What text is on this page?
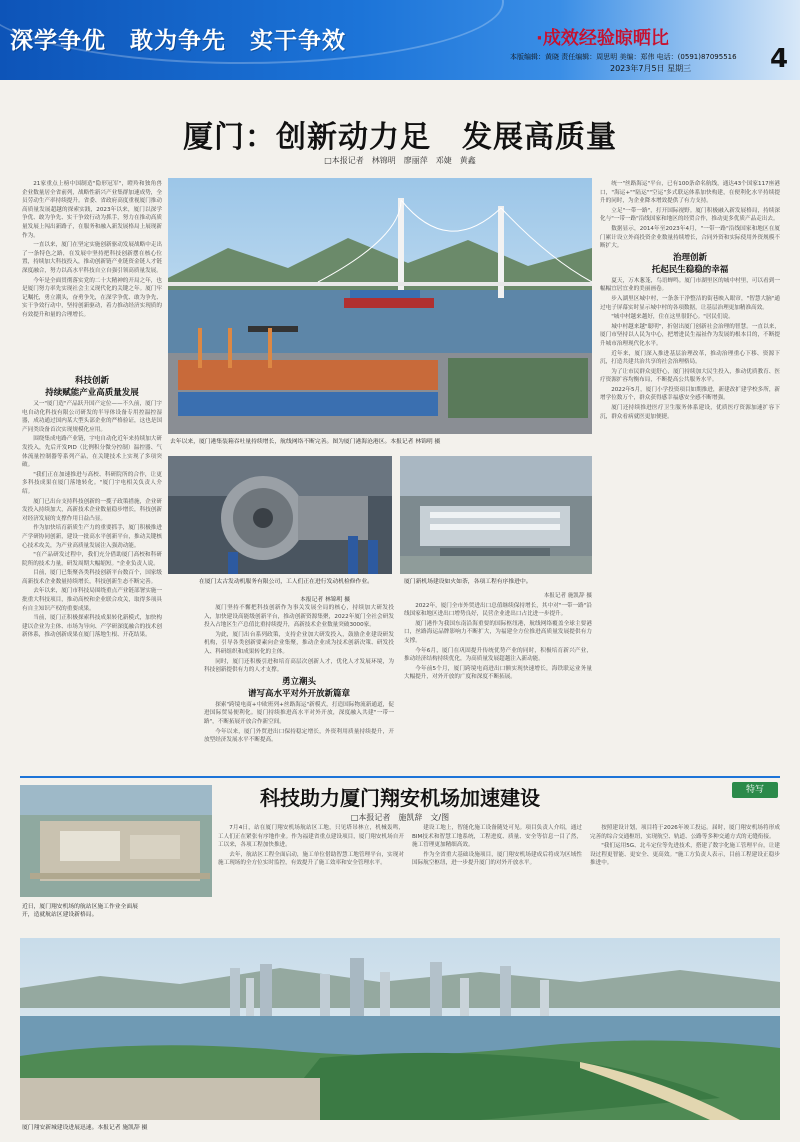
深学争优　敢为争先　实干争效	·成效经验晾晒比
本版编辑：黄晓 责任编辑：周思明 美编：郑伟 电话：(0591)87095516
2023年7月5日 星期三	4
厦门：创新动力足　发展高质量
□本报记者　林锦明　廖丽萍　邓婕　黄鑫

21家重点上榜中国制造"隐形冠军"，瞪羚和独角兽企业数量居全省前列，战略性新兴产业集群加速成势，全员劳动生产率持续提升。省委、省政府高度重视厦门推动高质量发展超越的探索实践，2023年以来，厦门以深学争优、敢为争先、实干争效行动为抓手，努力在推动高质量发展上闯出新路子，在服务和融入新发展格局上展现新作为。

一直以来，厦门在坚定实施创新驱动发展战略中走出了一条特色之路，在发展中坚持把科技创新摆在核心位置，持续加大科技投入，推动创新链产业链资金链人才链深度融合，努力以高水平科技自立自强引领高质量发展。

今年是全面贯彻落实党的二十大精神的开局之年，也是厦门努力率先实现社会主义现代化的关键之年。厦门牢记嘱托，勇立潮头，奋勇争先，在深学争优、敢为争先、实干争效行动中，坚持创新驱动，着力推动经济实现质的有效提升和量的合理增长。

科技创新
持续赋能产业高质量发展

又一"厦门造"产品跃升国产定位——不久前，厦门宇电自动化科技有限公司研发的半导体设备专用控温控湿器，成功通过国内某大型头部企业的严格验证，这也是国产同类设备首次实现规模化应用。

围绕集成电路产业链，宇电自动化近年来持续加大研发投入，先后开发PID（比例积分微分控制）温控器、气体流量控制器等系列产品，在关键技术上实现了多项突破。

"我们正在加速推进与高校、科研院所的合作，让更多科技成果在厦门落地转化。"厦门宇电相关负责人介绍。

厦门已出台支持科技创新的一揽子政策措施，企业研发投入持续加大，高新技术企业数量稳步增长，科技创新对经济发展的支撑作用日益凸显。

作为加快培育新质生产力的重要抓手，厦门积极推进产学研协同创新，建设一批高水平创新平台，推动关键核心技术攻关，为产业高质量发展注入强劲动能。

"在产品研发过程中，我们充分借助厦门高校和科研院所的技术力量，研发周期大幅缩短。"企业负责人说。

目前，厦门已集聚各类科技创新平台数百个，国家级高新技术企业数量持续增长，科技创新生态不断完善。

去年以来，厦门市科技局围绕重点产业链部署实施一批重大科技项目，推动高校和企业联合攻关，取得多项具有自主知识产权的重要成果。

当前，厦门正积极探索科技成果转化新模式，加快构建以企业为主体、市场为导向、产学研深度融合的技术创新体系，推动创新成果在厦门落地生根、开花结果。

去年以来，厦门港集装箱吞吐量持续增长，航线网络不断完善。图为厦门港海沧港区。本报记者 林锦明 摄
在厦门太古发动机服务有限公司，工人们正在进行发动机检修作业。
本报记者 林锦明 摄
厦门新机场建设如火如荼，各项工程有序推进中。

厦门坚持不懈把科技创新作为事关发展全局的核心，持续加大研发投入，加快建设高能级创新平台，推动创新资源集聚，2022年厦门全社会研发投入占地区生产总值比重持续提升，高新技术企业数量突破3000家。

为此，厦门出台系列政策，支持企业加大研发投入，鼓励企业建设研发机构，引导各类创新要素向企业集聚，推动企业成为技术创新决策、研发投入、科研组织和成果转化的主体。

同时，厦门还积极引进和培育高层次创新人才，优化人才发展环境，为科技创新提供有力的人才支撑。

勇立潮头
谱写高水平对外开放新篇章

探索"跨境电商+中欧班列+丝路海运"新模式，打造国际物流新通道，促进国际贸易便利化。厦门持续推进高水平对外开放，深度融入共建"一带一路"，不断拓展开放合作新空间。

今年以来，厦门外贸进出口保持稳定增长，外资利用质量持续提升，开放型经济发展水平不断提高。

本报记者 施凯辞 摄

2022年，厦门全市外贸进出口总值继续保持增长，其中对"一带一路"沿线国家和地区进出口增势良好，民营企业进出口占比进一步提升。

厦门港作为我国东南沿海重要的国际枢纽港，航线网络覆盖全球主要港口，丝路海运品牌影响力不断扩大，为福建全方位推进高质量发展提供有力支撑。

今年6月，厦门在巩固提升传统优势产业的同时，积极培育新兴产业，推动经济结构持续优化，为高质量发展超越注入新动能。

今年前5个月，厦门跨境电商进出口额实现快速增长，海铁联运业务量大幅提升，对外开放的广度和深度不断拓展。

统一"丝路海运"平台，已有100条命名航线，通达43个国家117座港口，"海运+""陆运""空运"多式联运体系加快构建，在便利化水平持续提升的同时，为企业降本增效提供了有力支持。

立足"一带一路"，打开国际视野。厦门积极融入新发展格局，持续深化与"一带一路"沿线国家和地区的经贸合作，推动更多优质产品走出去。

数据显示，2014年至2023年4月，"一带一路"沿线国家和地区在厦门累计设立外商投资企业数量持续增长，合同外资和实际使用外资规模不断扩大。

治理创新
托起民生稳稳的幸福

夏天，万木葱茏，鸟语蝉鸣。厦门市湖里区的城中村里，可以看到一幅幅宜居宜业的美丽画卷。

步入湖里区城中村，一条条干净整洁的街巷映入眼帘，"智慧大脑"通过电子屏幕实时显示城中村的各项数据，让基层治理更加精准高效。

"城中村越来越好，住在这里很舒心。"居民们说。

城中村越来越"聪明"，折射出厦门创新社会治理的智慧。一直以来，厦门市坚持以人民为中心，把增进民生福祉作为发展的根本目的，不断提升城市治理现代化水平。

近年来，厦门深入推进基层治理改革，推动治理重心下移、资源下沉，打造共建共治共享的社会治理格局。

为了让市民群众更舒心，厦门持续加大民生投入，推动优质教育、医疗资源扩容均衡布局，不断提高公共服务水平。

2022年5月，厦门小学投资项目如期推进，新建改扩建学校多所，新增学位数万个，群众获得感幸福感安全感不断增强。

厦门还持续推进医疗卫生服务体系建设，优质医疗资源加速扩容下沉，群众看病就医更加便捷。

科技助力厦门翔安机场加速建设	特写
□本报记者　施凯辞　文/图
近日，厦门翔安机场的航站区施工作业全面展开，造就航站区建设新格局。

7月4日，站在厦门翔安机场航站区工地，只见塔吊林立，机械轰鸣，工人们正在紧张有序地作业。作为福建省重点建设项目，厦门翔安机场自开工以来，各项工程加快推进。

去年，航站区工程全面启动，施工单位借助智慧工地管理平台，实现对施工现场的全方位实时监控，有效提升了施工效率和安全管理水平。

建设工地上，智能化施工设备随处可见。项目负责人介绍，通过BIM技术和智慧工地系统，工程进度、质量、安全等信息一目了然，施工管理更加精细高效。

作为全省重大基础设施项目，厦门翔安机场建成后将成为区域性国际航空枢纽，进一步提升厦门的对外开放水平。

按照建设计划，项目将于2026年竣工投运。届时，厦门翔安机场将形成完善的综合交通枢纽，实现航空、轨道、公路等多种交通方式的无缝衔接。

"我们运用5G、北斗定位等先进技术，搭建了数字化施工管理平台，让建设过程更智能、更安全、更高效。"施工方负责人表示，目前工程建设正稳步推进中。

厦门翔安新城建设进展迅速。本报记者 施凯辞 摄
